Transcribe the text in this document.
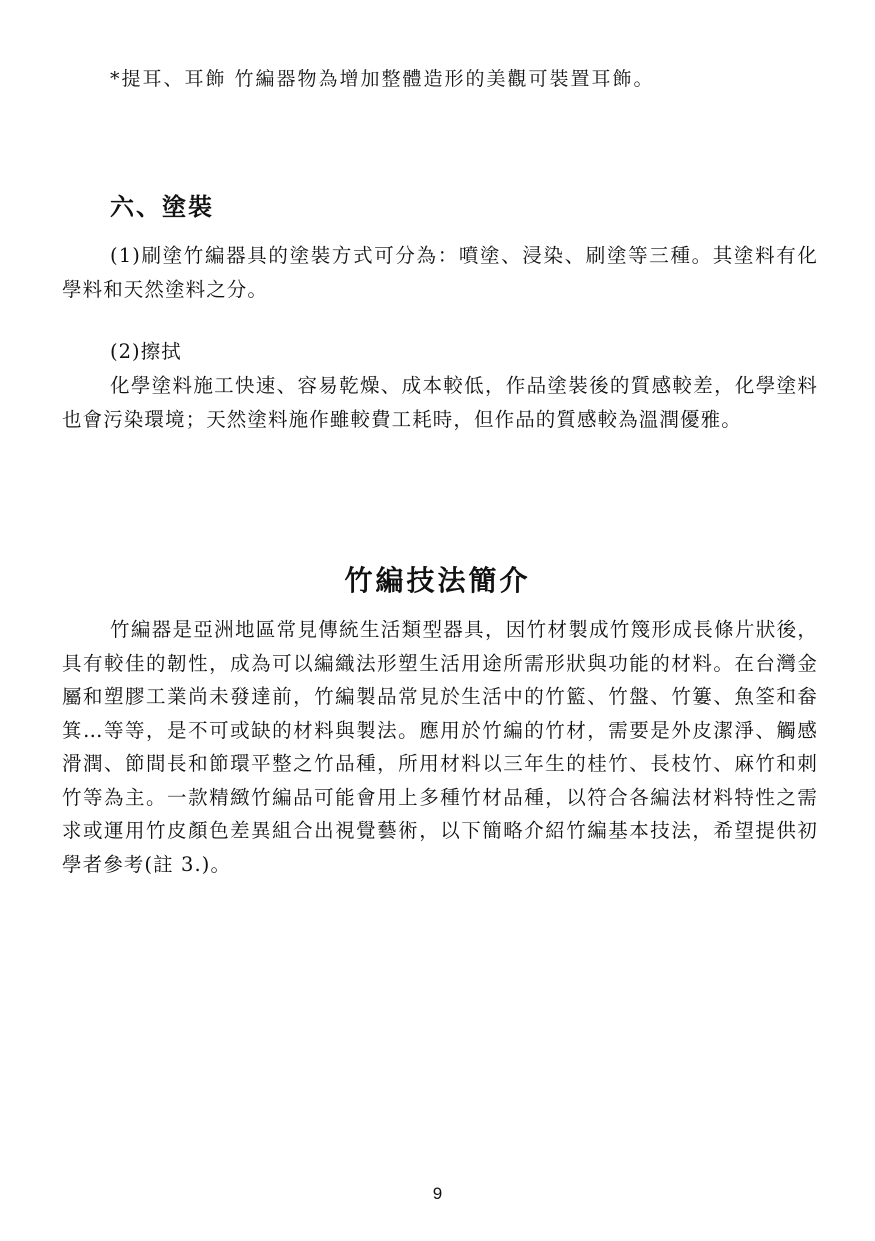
*提耳、耳飾 竹編器物為增加整體造形的美觀可裝置耳飾。
六、塗裝

(1)刷塗竹編器具的塗裝方式可分為：噴塗、浸染、刷塗等三種。其塗料有化學料和天然塗料之分。

(2)擦拭

化學塗料施工快速、容易乾燥、成本較低，作品塗裝後的質感較差，化學塗料也會污染環境；天然塗料施作雖較費工耗時，但作品的質感較為溫潤優雅。

竹編技法簡介

竹編器是亞洲地區常見傳統生活類型器具，因竹材製成竹篾形成長條片狀後，具有較佳的韌性，成為可以編織法形塑生活用途所需形狀與功能的材料。在台灣金屬和塑膠工業尚未發達前，竹編製品常見於生活中的竹籃、竹盤、竹簍、魚筌和畚箕…等等，是不可或缺的材料與製法。應用於竹編的竹材，需要是外皮潔淨、觸感滑潤、節間長和節環平整之竹品種，所用材料以三年生的桂竹、長枝竹、麻竹和刺竹等為主。一款精緻竹編品可能會用上多種竹材品種，以符合各編法材料特性之需求或運用竹皮顏色差異組合出視覺藝術，以下簡略介紹竹編基本技法，希望提供初學者參考(註 3.)。

9
